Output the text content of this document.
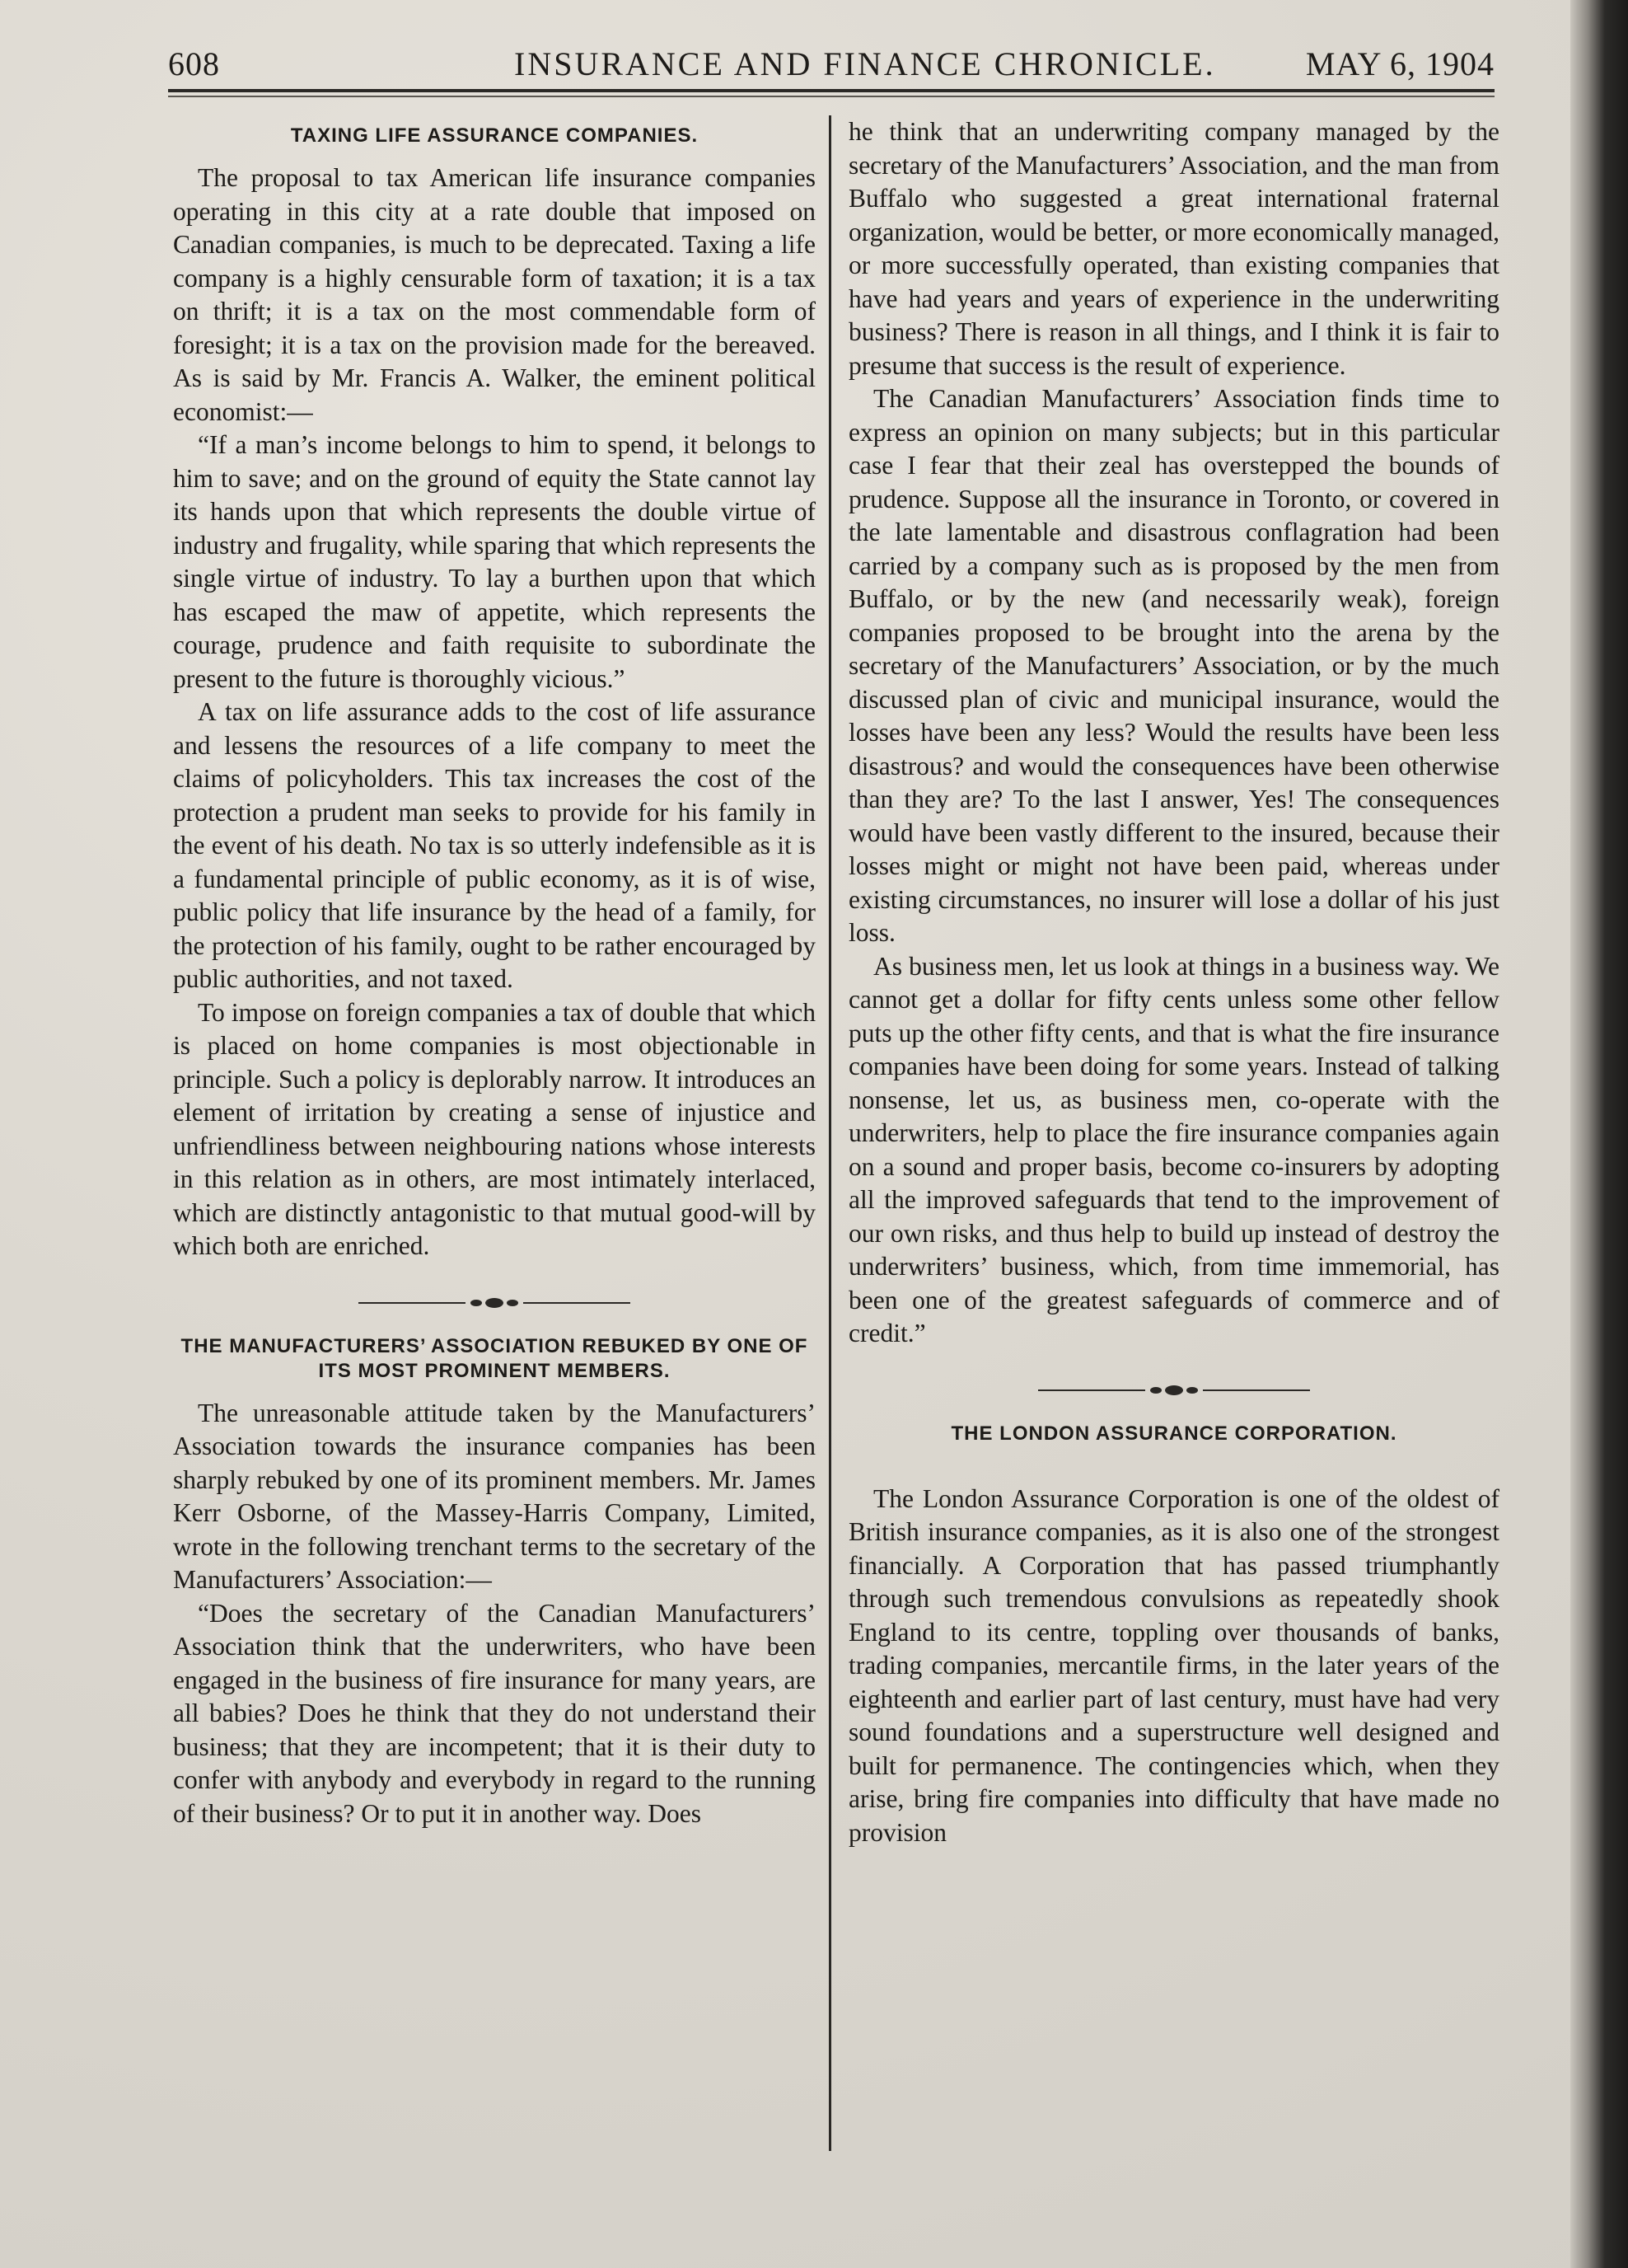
608	INSURANCE AND FINANCE CHRONICLE.	MAY 6, 1904
TAXING LIFE ASSURANCE COMPANIES.

The proposal to tax American life insurance companies operating in this city at a rate double that imposed on Canadian companies, is much to be deprecated. Taxing a life company is a highly censurable form of taxation; it is a tax on thrift; it is a tax on the most commendable form of foresight; it is a tax on the provision made for the bereaved. As is said by Mr. Francis A. Walker, the eminent political economist:—

“If a man’s income belongs to him to spend, it belongs to him to save; and on the ground of equity the State cannot lay its hands upon that which represents the double virtue of industry and frugality, while sparing that which represents the single virtue of industry. To lay a burthen upon that which has escaped the maw of appetite, which represents the courage, prudence and faith requisite to subordinate the present to the future is thoroughly vicious.”

A tax on life assurance adds to the cost of life assurance and lessens the resources of a life company to meet the claims of policyholders. This tax increases the cost of the protection a prudent man seeks to provide for his family in the event of his death. No tax is so utterly indefensible as it is a fundamental principle of public economy, as it is of wise, public policy that life insurance by the head of a family, for the protection of his family, ought to be rather encouraged by public authorities, and not taxed.

To impose on foreign companies a tax of double that which is placed on home companies is most objectionable in principle. Such a policy is deplorably narrow. It introduces an element of irritation by creating a sense of injustice and unfriendliness between neighbouring nations whose interests in this relation as in others, are most intimately interlaced, which are distinctly antagonistic to that mutual good-will by which both are enriched.

THE MANUFACTURERS’ ASSOCIATION REBUKED BY ONE OF ITS MOST PROMINENT MEMBERS.

The unreasonable attitude taken by the Manufacturers’ Association towards the insurance companies has been sharply rebuked by one of its prominent members. Mr. James Kerr Osborne, of the Massey-Harris Company, Limited, wrote in the following trenchant terms to the secretary of the Manufacturers’ Association:—

“Does the secretary of the Canadian Manufacturers’ Association think that the underwriters, who have been engaged in the business of fire insurance for many years, are all babies? Does he think that they do not understand their business; that they are incompetent; that it is their duty to confer with anybody and everybody in regard to the running of their business? Or to put it in another way. Does

he think that an underwriting company managed by the secretary of the Manufacturers’ Association, and the man from Buffalo who suggested a great international fraternal organization, would be better, or more economically managed, or more successfully operated, than existing companies that have had years and years of experience in the underwriting business? There is reason in all things, and I think it is fair to presume that success is the result of experience.

The Canadian Manufacturers’ Association finds time to express an opinion on many subjects; but in this particular case I fear that their zeal has overstepped the bounds of prudence. Suppose all the insurance in Toronto, or covered in the late lamentable and disastrous conflagration had been carried by a company such as is proposed by the men from Buffalo, or by the new (and necessarily weak), foreign companies proposed to be brought into the arena by the secretary of the Manufacturers’ Association, or by the much discussed plan of civic and municipal insurance, would the losses have been any less? Would the results have been less disastrous? and would the consequences have been otherwise than they are? To the last I answer, Yes! The consequences would have been vastly different to the insured, because their losses might or might not have been paid, whereas under existing circumstances, no insurer will lose a dollar of his just loss.

As business men, let us look at things in a business way. We cannot get a dollar for fifty cents unless some other fellow puts up the other fifty cents, and that is what the fire insurance companies have been doing for some years. Instead of talking nonsense, let us, as business men, co-operate with the underwriters, help to place the fire insurance companies again on a sound and proper basis, become co-insurers by adopting all the improved safeguards that tend to the improvement of our own risks, and thus help to build up instead of destroy the underwriters’ business, which, from time immemorial, has been one of the greatest safeguards of commerce and of credit.”

THE LONDON ASSURANCE CORPORATION.

The London Assurance Corporation is one of the oldest of British insurance companies, as it is also one of the strongest financially. A Corporation that has passed triumphantly through such tremendous convulsions as repeatedly shook England to its centre, toppling over thousands of banks, trading companies, mercantile firms, in the later years of the eighteenth and earlier part of last century, must have had very sound foundations and a superstructure well designed and built for permanence. The contingencies which, when they arise, bring fire companies into difficulty that have made no provision
